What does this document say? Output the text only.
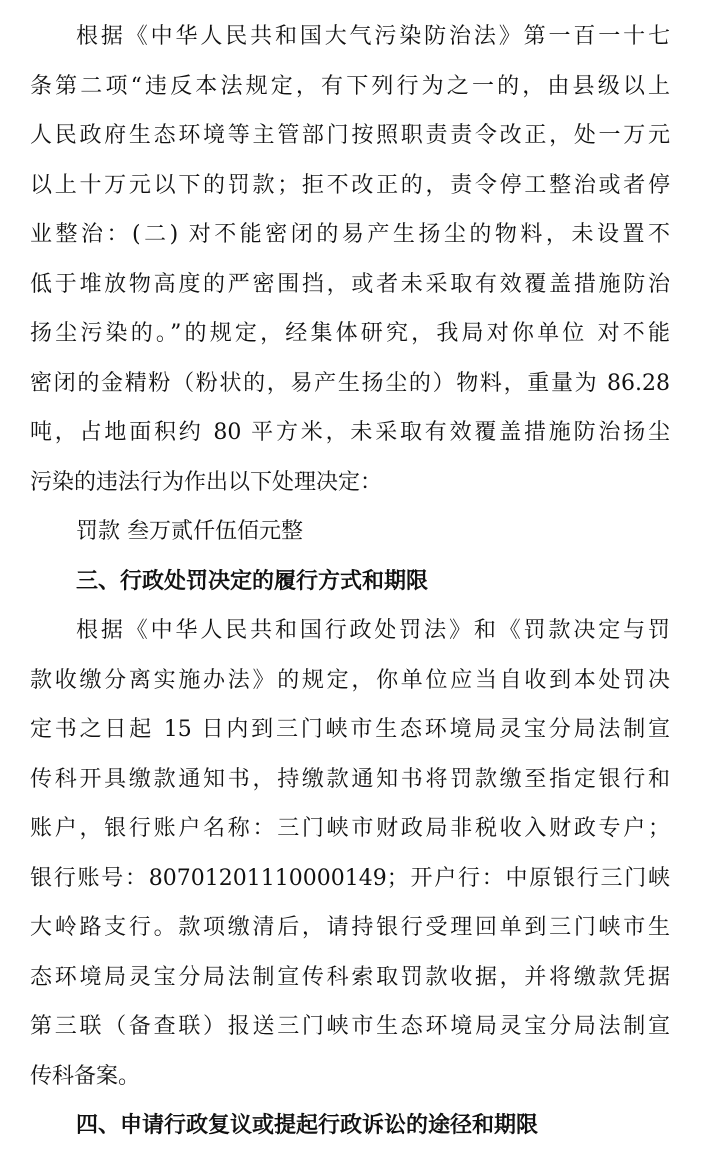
根据《中华人民共和国大气污染防治法》第一百一十七
条第二项“违反本法规定，有下列行为之一的，由县级以上
人民政府生态环境等主管部门按照职责责令改正，处一万元
以上十万元以下的罚款；拒不改正的，责令停工整治或者停
业整治：(二) 对不能密闭的易产生扬尘的物料，未设置不
低于堆放物高度的严密围挡，或者未采取有效覆盖措施防治
扬尘污染的。”的规定，经集体研究，我局对你单位 对不能
密闭的金精粉（粉状的，易产生扬尘的）物料，重量为 86.28
吨，占地面积约 80 平方米，未采取有效覆盖措施防治扬尘
污染的违法行为作出以下处理决定：
罚款 叁万贰仟伍佰元整
三、行政处罚决定的履行方式和期限
根据《中华人民共和国行政处罚法》和《罚款决定与罚
款收缴分离实施办法》的规定，你单位应当自收到本处罚决
定书之日起 15 日内到三门峡市生态环境局灵宝分局法制宣
传科开具缴款通知书，持缴款通知书将罚款缴至指定银行和
账户，银行账户名称：三门峡市财政局非税收入财政专户；
银行账号：80701201110000149；开户行：中原银行三门峡
大岭路支行。款项缴清后，请持银行受理回单到三门峡市生
态环境局灵宝分局法制宣传科索取罚款收据，并将缴款凭据
第三联（备查联）报送三门峡市生态环境局灵宝分局法制宣
传科备案。
四、申请行政复议或提起行政诉讼的途径和期限
